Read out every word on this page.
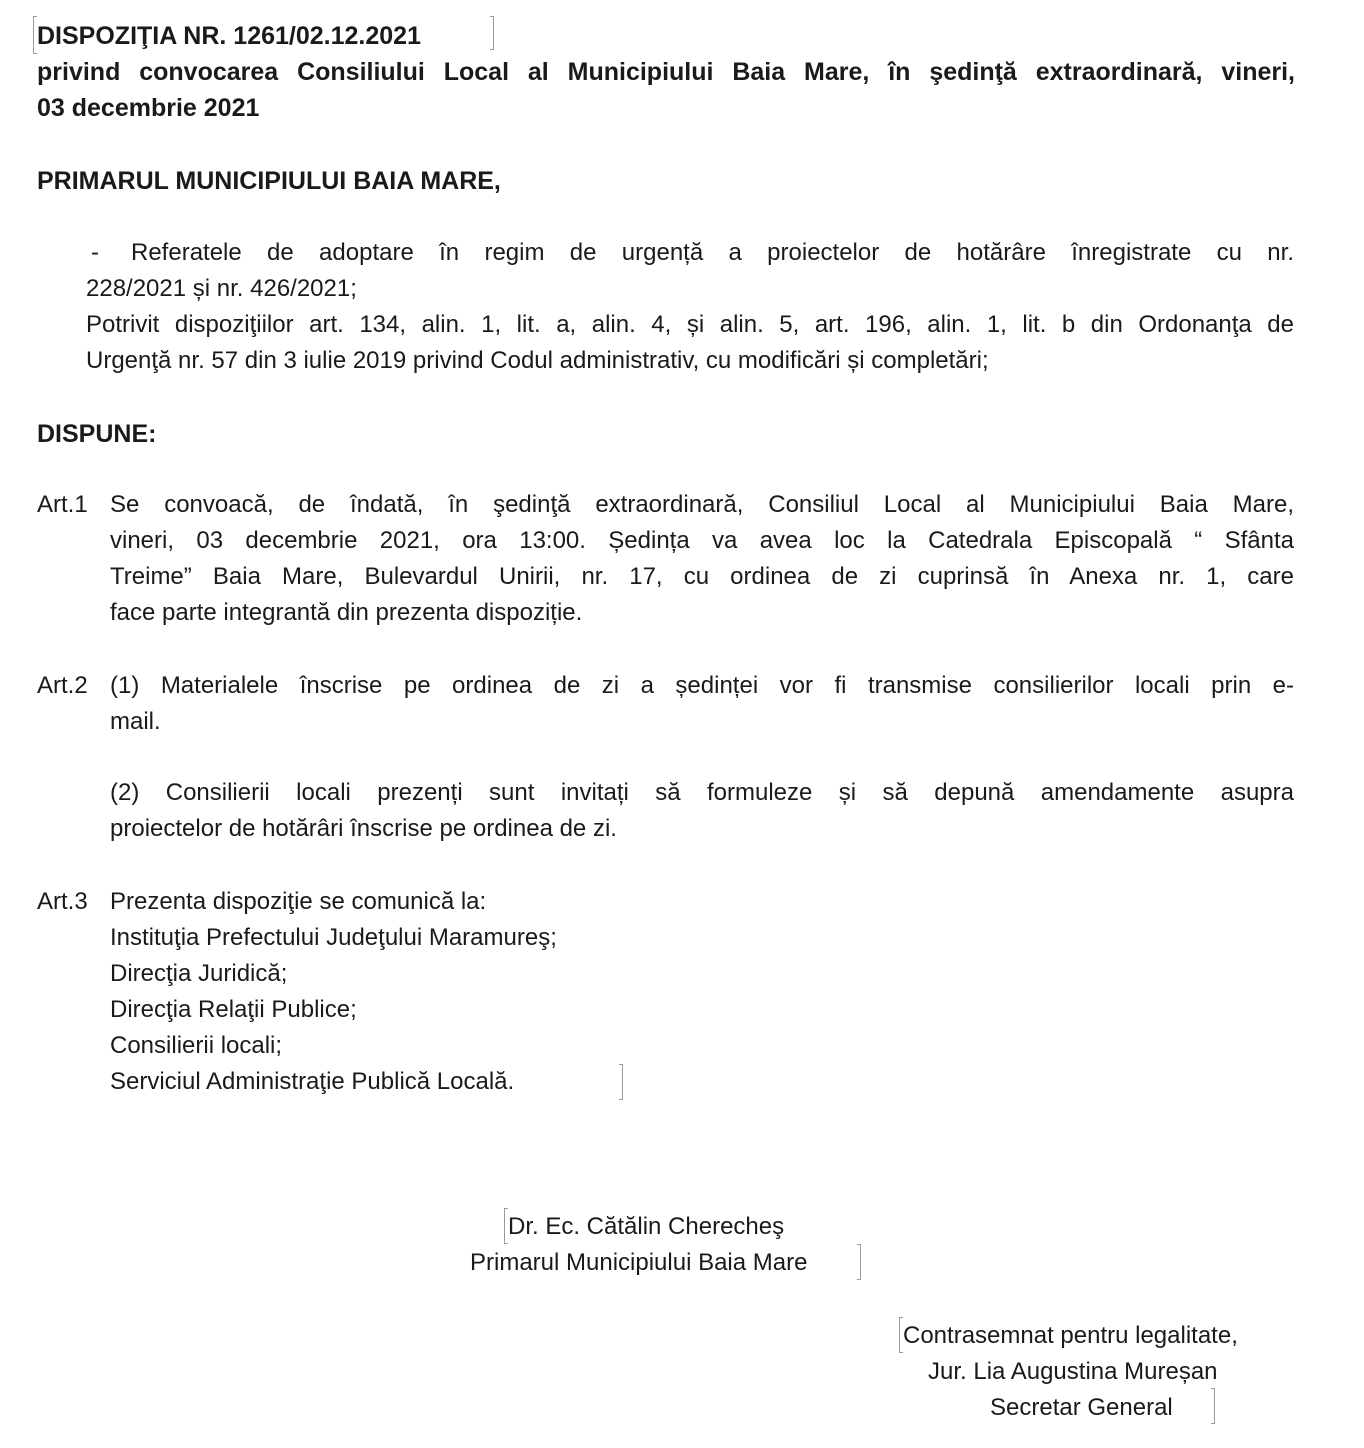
DISPOZIŢIA NR. 1261/02.12.2021
privind convocarea Consiliului Local al Municipiului Baia Mare, în şedinţă extraordinară, vineri,
03 decembrie 2021
PRIMARUL MUNICIPIULUI BAIA MARE,
- Referatele de adoptare în regim de urgență a proiectelor de hotărâre înregistrate cu nr.
228/2021 și nr. 426/2021;
Potrivit dispoziţiilor art. 134, alin. 1, lit. a, alin. 4, și alin. 5, art. 196, alin. 1, lit. b din Ordonanţa de
Urgenţă nr. 57 din 3 iulie 2019 privind Codul administrativ, cu modificări și completări;
DISPUNE:
Art.1 Se convoacă, de îndată, în şedinţă extraordinară, Consiliul Local al Municipiului Baia Mare,
vineri, 03 decembrie 2021, ora 13:00. Ședința va avea loc la Catedrala Episcopală “ Sfânta
Treime” Baia Mare, Bulevardul Unirii, nr. 17, cu ordinea de zi cuprinsă în Anexa nr. 1, care
face parte integrantă din prezenta dispoziție.
Art.2 (1) Materialele înscrise pe ordinea de zi a ședinței vor fi transmise consilierilor locali prin e-
mail.
(2) Consilierii locali prezenți sunt invitați să formuleze și să depună amendamente asupra
proiectelor de hotărâri înscrise pe ordinea de zi.
Art.3 Prezenta dispoziţie se comunică la:
Instituţia Prefectului Judeţului Maramureş;
Direcţia Juridică;
Direcţia Relaţii Publice;
Consilierii locali;
Serviciul Administraţie Publică Locală.
Dr. Ec. Cătălin Cherecheş
Primarul Municipiului Baia Mare
Contrasemnat pentru legalitate,
Jur. Lia Augustina Mureșan
Secretar General
